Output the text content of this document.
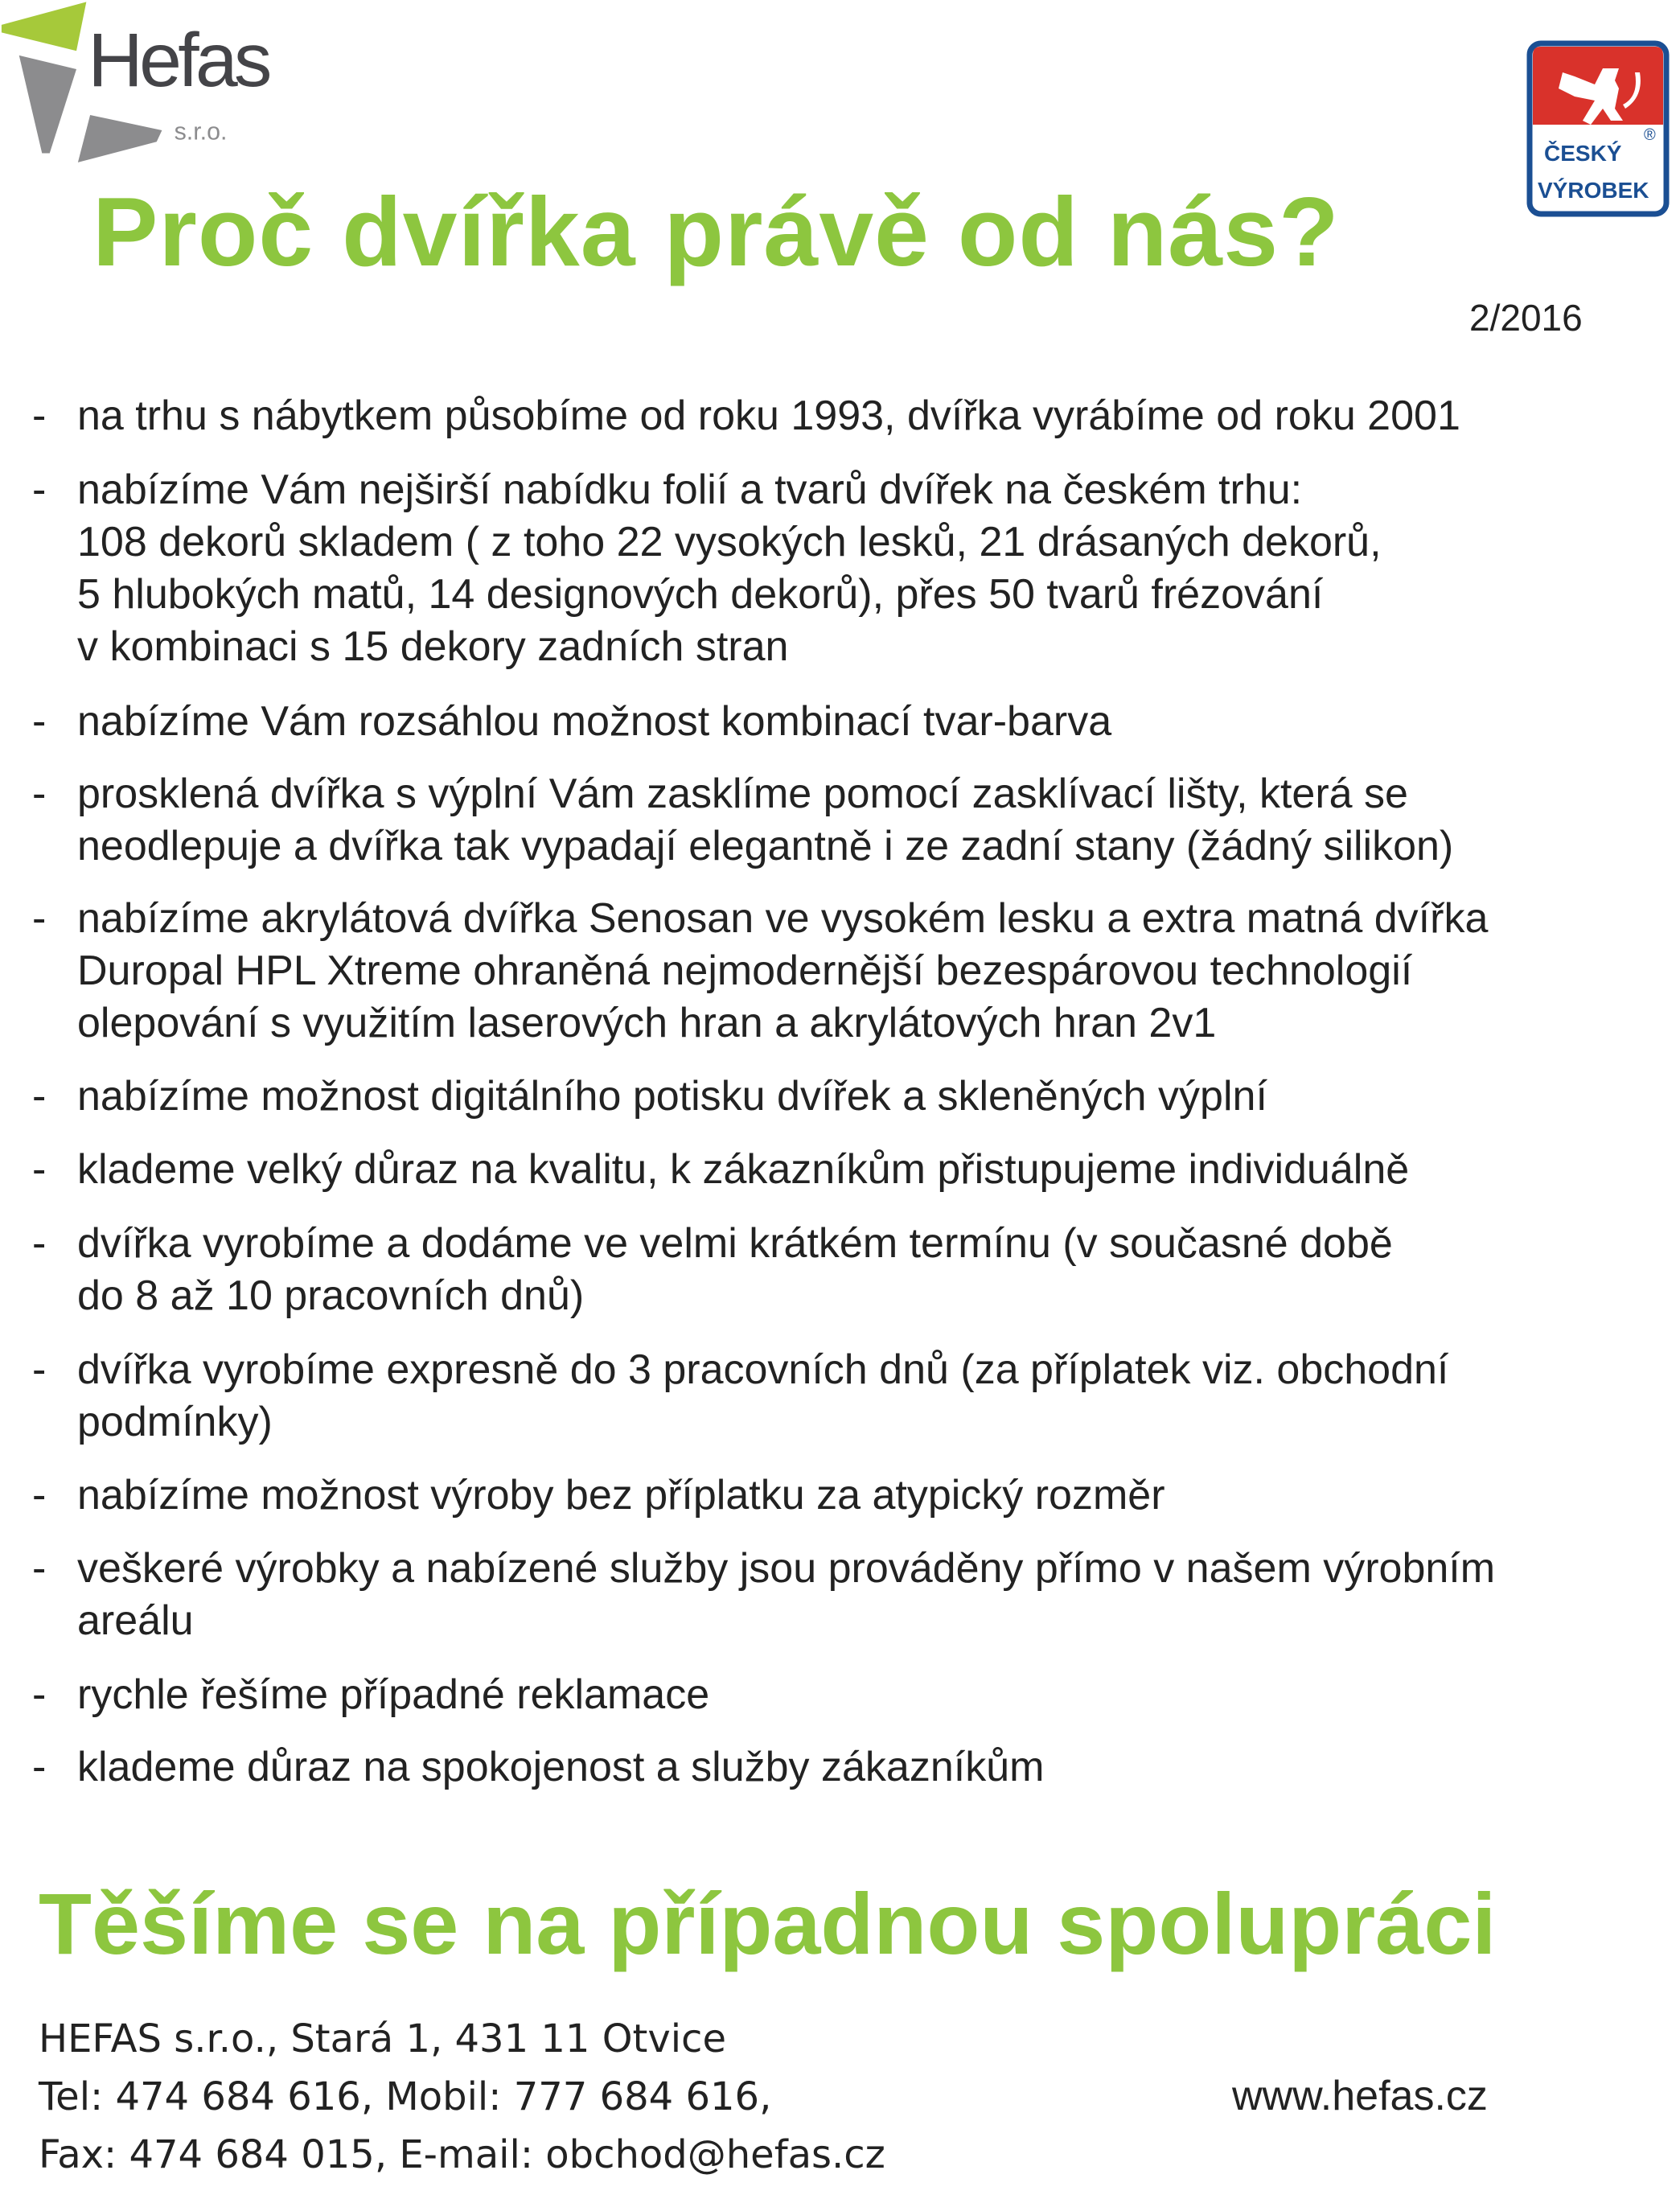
Hefas
s.r.o.
ČESKÝ
®
VÝROBEK
Proč dvířka právě od nás?
2/2016
- na trhu s nábytkem působíme od roku 1993, dvířka vyrábíme od roku 2001
- nabízíme Vám nejširší nabídku folií a tvarů dvířek na českém trhu:
108 dekorů skladem ( z toho 22 vysokých lesků, 21 drásaných dekorů,
5 hlubokých matů, 14 designových dekorů), přes 50 tvarů frézování
v kombinaci s 15 dekory zadních stran
- nabízíme Vám rozsáhlou možnost kombinací tvar-barva
- prosklená dvířka s výplní Vám zasklíme pomocí zasklívací lišty, která se
neodlepuje a dvířka tak vypadají elegantně i ze zadní stany (žádný silikon)
- nabízíme akrylátová dvířka Senosan ve vysokém lesku a extra matná dvířka
Duropal HPL Xtreme ohraněná nejmodernější bezespárovou technologií
olepování s využitím laserových hran a akrylátových hran 2v1
- nabízíme možnost digitálního potisku dvířek a skleněných výplní
- klademe velký důraz na kvalitu, k zákazníkům přistupujeme individuálně
- dvířka vyrobíme a dodáme ve velmi krátkém termínu (v současné době
do 8 až 10 pracovních dnů)
- dvířka vyrobíme expresně do 3 pracovních dnů (za příplatek viz. obchodní
podmínky)
- nabízíme možnost výroby bez příplatku za atypický rozměr
- veškeré výrobky a nabízené služby jsou prováděny přímo v našem výrobním
areálu
- rychle řešíme případné reklamace
- klademe důraz na spokojenost a služby zákazníkům
Těšíme se na případnou spolupráci
HEFAS s.r.o., Stará 1, 431 11 Otvice
Tel: 474 684 616, Mobil: 777 684 616,
Fax: 474 684 015, E-mail: obchod@hefas.cz
www.hefas.cz
